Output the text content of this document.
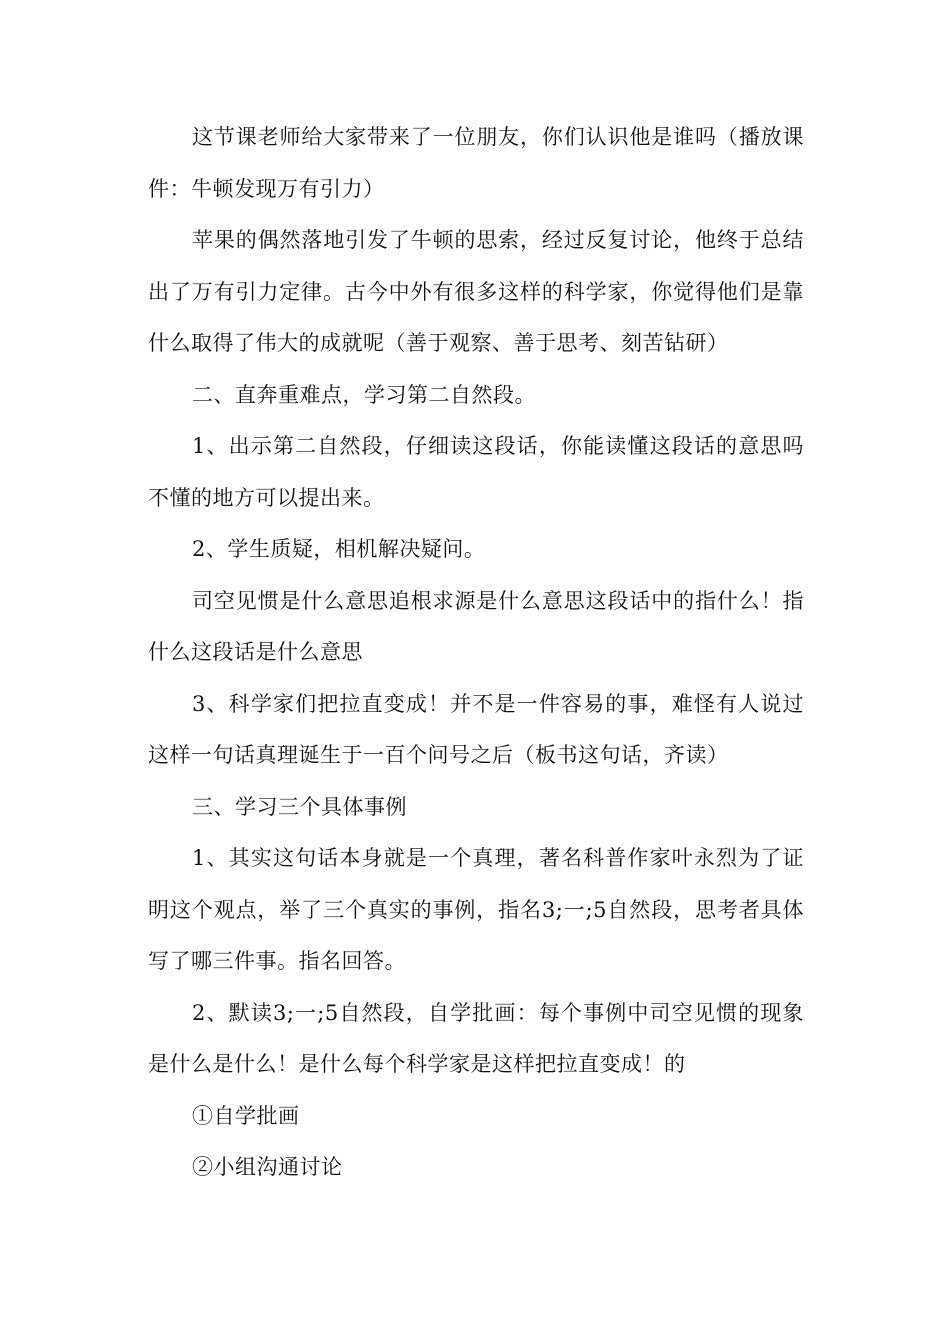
这节课老师给大家带来了一位朋友，你们认识他是谁吗（播放课件：牛顿发现万有引力）

苹果的偶然落地引发了牛顿的思索，经过反复讨论，他终于总结出了万有引力定律。古今中外有很多这样的科学家，你觉得他们是靠什么取得了伟大的成就呢（善于观察、善于思考、刻苦钻研）

二、直奔重难点，学习第二自然段。

1、出示第二自然段，仔细读这段话，你能读懂这段话的意思吗不懂的地方可以提出来。

2、学生质疑，相机解决疑问。

司空见惯是什么意思追根求源是什么意思这段话中的指什么！指什么这段话是什么意思

3、科学家们把拉直变成！并不是一件容易的事，难怪有人说过这样一句话真理诞生于一百个问号之后（板书这句话，齐读）

三、学习三个具体事例

1、其实这句话本身就是一个真理，著名科普作家叶永烈为了证明这个观点，举了三个真实的事例，指名3;一;5自然段，思考者具体写了哪三件事。指名回答。

2、默读3;一;5自然段，自学批画：每个事例中司空见惯的现象是什么是什么！是什么每个科学家是这样把拉直变成！的

①自学批画

②小组沟通讨论
